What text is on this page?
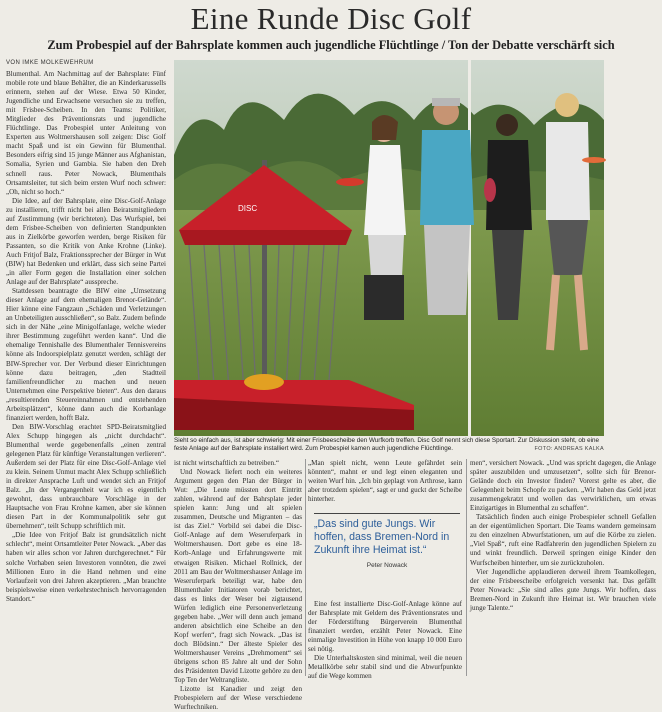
Eine Runde Disc Golf
Zum Probespiel auf der Bahrsplate kommen auch jugendliche Flüchtlinge / Ton der Debatte verschärft sich
VON IMKE MOLKEWEHRUM

Blumenthal. Am Nachmittag auf der Bahrsplate: Fünf mobile rote und blaue Behälter, die an Kinderkarussells erinnern, stehen auf der Wiese. Etwa 50 Kinder, Jugendliche und Erwachsene versuchen sie zu treffen, mit Frisbee-Scheiben. In den Teams: Politiker, Mitglieder des Präventionsrats und jugendliche Flüchtlinge. Das Probespiel unter Anleitung von Experten aus Woltmershausen soll zeigen: Disc Golf macht Spaß und ist ein Gewinn für Blumenthal. Besonders eifrig sind 15 junge Männer aus Afghanistan, Somalia, Syrien und Gambia. Sie haben den Dreh schnell raus. Peter Nowack, Blumenthals Ortsamtsleiter, tut sich beim ersten Wurf noch schwer: „Oh, nicht so hoch.“

Die Idee, auf der Bahrsplate, eine Disc-Golf-Anlage zu installieren, trifft nicht bei allen Beiratsmitgliedern auf Zustimmung (wir berichteten). Das Wurfspiel, bei dem Frisbee-Scheiben von definierten Standpunkten aus in Zielkörbe geworfen werden, berge Risiken für Passanten, so die Kritik von Anke Krohne (Linke). Auch Fritjof Balz, Fraktionssprecher der Bürger in Wut (BIW) hat Bedenken und erklärt, dass sich seine Partei „in aller Form gegen die Installation einer solchen Anlage auf der Bahrsplate“ ausspreche.

Stattdessen beantragte die BIW eine „Umsetzung dieser Anlage auf dem ehemaligen Brenor-Gelände“. Hier könne eine Fangzaun „Schäden und Verletzungen an Unbeteiligten ausschließen“, so Balz. Zudem befinde sich in der Nähe „eine Minigolfanlage, welche wieder ihrer Bestimmung zugeführt werden kann“. Und die ehemalige Tennishalle des Blumenthaler Tennisvereins könne als Indoorspielplatz genutzt werden, schlägt der BIW-Sprecher vor. Der Verbund dieser Einrichtungen könne dazu beitragen, „den Stadtteil familienfreundlicher zu machen und neuen Unternehmen eine Perspektive bieten“. Aus den daraus „resultierenden Steuereinnahmen und entstehenden Arbeitsplätzen“, könne dann auch die Korbanlage finanziert werden, hofft Balz.

Den BIW-Vorschlag erachtet SPD-Beiratsmitglied Alex Schupp hingegen als „nicht durchdacht“. Blumenthal werde gegebenenfalls „einen zentral gelegenen Platz für künftige Veranstaltungen verlieren“. Außerdem sei der Platz für eine Disc-Golf-Anlage viel zu klein. Seinem Unmut macht Alex Schupp schließlich in direkter Ansprache Luft und wendet sich an Fritjof Balz. „In der Vergangenheit war ich es eigentlich gewohnt, dass unbrauchbare Vorschläge in der Hauptsache von Frau Krohne kamen, aber sie können diesen Part in der Kommunalpolitik sehr gut übernehmen“, teilt Schupp schriftlich mit.

„Die Idee von Fritjof Balz ist grundsätzlich nicht schlecht“, meint Ortsamtleiter Peter Nowack. „Aber das haben wir alles schon vor Jahren durchgerechnet.“ Für solche Vorhaben seien Investoren vonnöten, die zwei Millionen Euro in die Hand nehmen und eine Vorlaufzeit von drei Jahren akzeptieren. „Man brauchte beispielsweise einen verkehrstechnisch hervorragenden Standort.“

DISC
Sieht so einfach aus, ist aber schwierig: Mit einer Frisbeescheibe den Wurfkorb treffen. Disc Golf nennt sich diese Sportart. Zur Diskussion steht, ob eine feste Anlage auf der Bahrsplate installiert wird. Zum Probespiel kamen auch jugendliche Flüchtlinge.	FOTO: ANDREAS KALKA

ist nicht wirtschaftlich zu betreiben.“

Und Nowack liefert noch ein weiteres Argument gegen den Plan der Bürger in Wut: „Die Leute müssten dort Eintritt zahlen, während auf der Bahrsplate jeder spielen kann: Jung und alt spielen zusammen, Deutsche und Migranten – das ist das Ziel.“ Vorbild sei dabei die Disc-Golf-Anlage auf dem Weseruferpark in Woltmershausen. Dort gebe es eine 18-Korb-Anlage und Erfahrungswerte mit etwaigen Risiken. Michael Rollnick, der 2011 am Bau der Woltmershauser Anlage im Weseruferpark beteiligt war, habe den Blumenthaler Initiatoren vorab berichtet, dass es links der Weser bei zigtausend Würfen lediglich eine Personenverletzung gegeben habe. „Wer will denn auch jemand anderen absichtlich eine Scheibe an den Kopf werfen“, fragt sich Nowack. „Das ist doch Blödsinn.“ Der älteste Spieler des Woltmershauser Vereins „Drehmoment“ sei übrigens schon 85 Jahre alt und der Sohn des Präsidenten David Lizotte gehöre zu den Top Ten der Weltrangliste.

Lizotte ist Kanadier und zeigt den Probespielern auf der Wiese verschiedene Wurftechniken.

„Man spielt nicht, wenn Leute gefährdet sein könnten“, mahnt er und legt einen eleganten und weiten Wurf hin. „Ich bin geplagt von Arthrose, kann aber trotzdem spielen“, sagt er und guckt der Scheibe hinterher.

„Das sind gute Jungs. Wir hoffen, dass Bremen-Nord in Zukunft ihre Heimat ist.“
Peter Nowack

Eine fest installierte Disc-Golf-Anlage könne auf der Bahrsplate mit Geldern des Präventionsrates und der Förderstiftung Bürgerverein Blumenthal finanziert werden, erzählt Peter Nowack. Eine einmalige Investition in Höhe von knapp 10 000 Euro sei nötig.

Die Unterhaltskosten sind minimal, weil die neuen Metallkörbe sehr stabil sind und die Abwurfpunkte auf die Wege kommen

men“, versichert Nowack. „Und was spricht dagegen, die Anlage später auszubilden und umzusetzen“, sollte sich für Brenor-Gelände doch ein Investor finden? Vorerst gelte es aber, die Gelegenheit beim Schopfe zu packen. „Wir haben das Geld jetzt zusammengekratzt und wollen das verwirklichen, um etwas Einzigartiges in Blumenthal zu schaffen“.

Tatsächlich finden auch einige Probespieler schnell Gefallen an der eigentümlichen Sportart. Die Teams wandern gemeinsam zu den einzelnen Abwurfstationen, um auf die Körbe zu zielen. „Viel Spaß“, ruft eine Radfahrerin den jugendlichen Spielern zu und winkt freundlich. Derweil springen einige Kinder den Wurfscheiben hinterher, um sie zurückzuholen.

Vier Jugendliche applaudieren derweil ihrem Teamkollegen, der eine Frisbeescheibe erfolgreich versenkt hat. Das gefällt Peter Nowack: „Sie sind alles gute Jungs. Wir hoffen, dass Bremen-Nord in Zukunft ihre Heimat ist. Wir brauchen viele junge Talente.“
